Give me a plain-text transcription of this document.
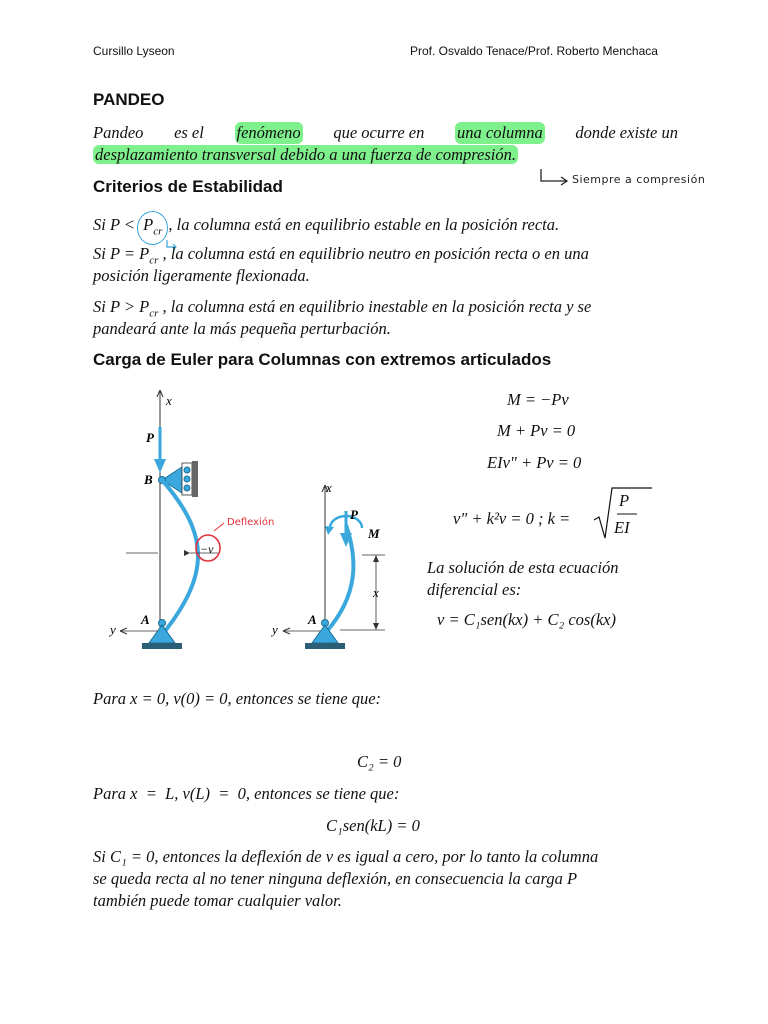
Cursillo Lyseon	Prof. Osvaldo Tenace/Prof. Roberto Menchaca
PANDEO
Pandeo es el fenómeno que ocurre en una columna donde existe un
desplazamiento transversal debido a una fuerza de compresión.
Siempre a compresión
Criterios de Estabilidad
Si $P < P_{cr}$ , la columna está en equilibrio estable en la posición recta.
Si $P = P_{cr}$ , la columna está en equilibrio neutro en posición recta o en una
posición ligeramente flexionada.
Si $P > P_{cr}$ , la columna está en equilibrio inestable en la posición recta y se
pandeará ante la más pequeña perturbación.
Carga de Euler para Columnas con extremos articulados
x
P
B
−v
Deflexión
A
y
x
P
M
x
A
y
M = −Pv
M + Pv = 0
EIv" + Pv = 0
v" + k²v = 0 ; k =
P
EI
La solución de esta ecuación
diferencial es:
v = C₁sen(kx) + C₂ cos(kx)
Para x = 0, v(0) = 0, entonces se tiene que:
C₂ = 0
Para x  =  L, v(L)  =  0, entonces se tiene que:
C₁sen(kL) = 0
Si C₁ = 0, entonces la deflexión de v es igual a cero, por lo tanto la columna
se queda recta al no tener ninguna deflexión, en consecuencia la carga P
también puede tomar cualquier valor.
